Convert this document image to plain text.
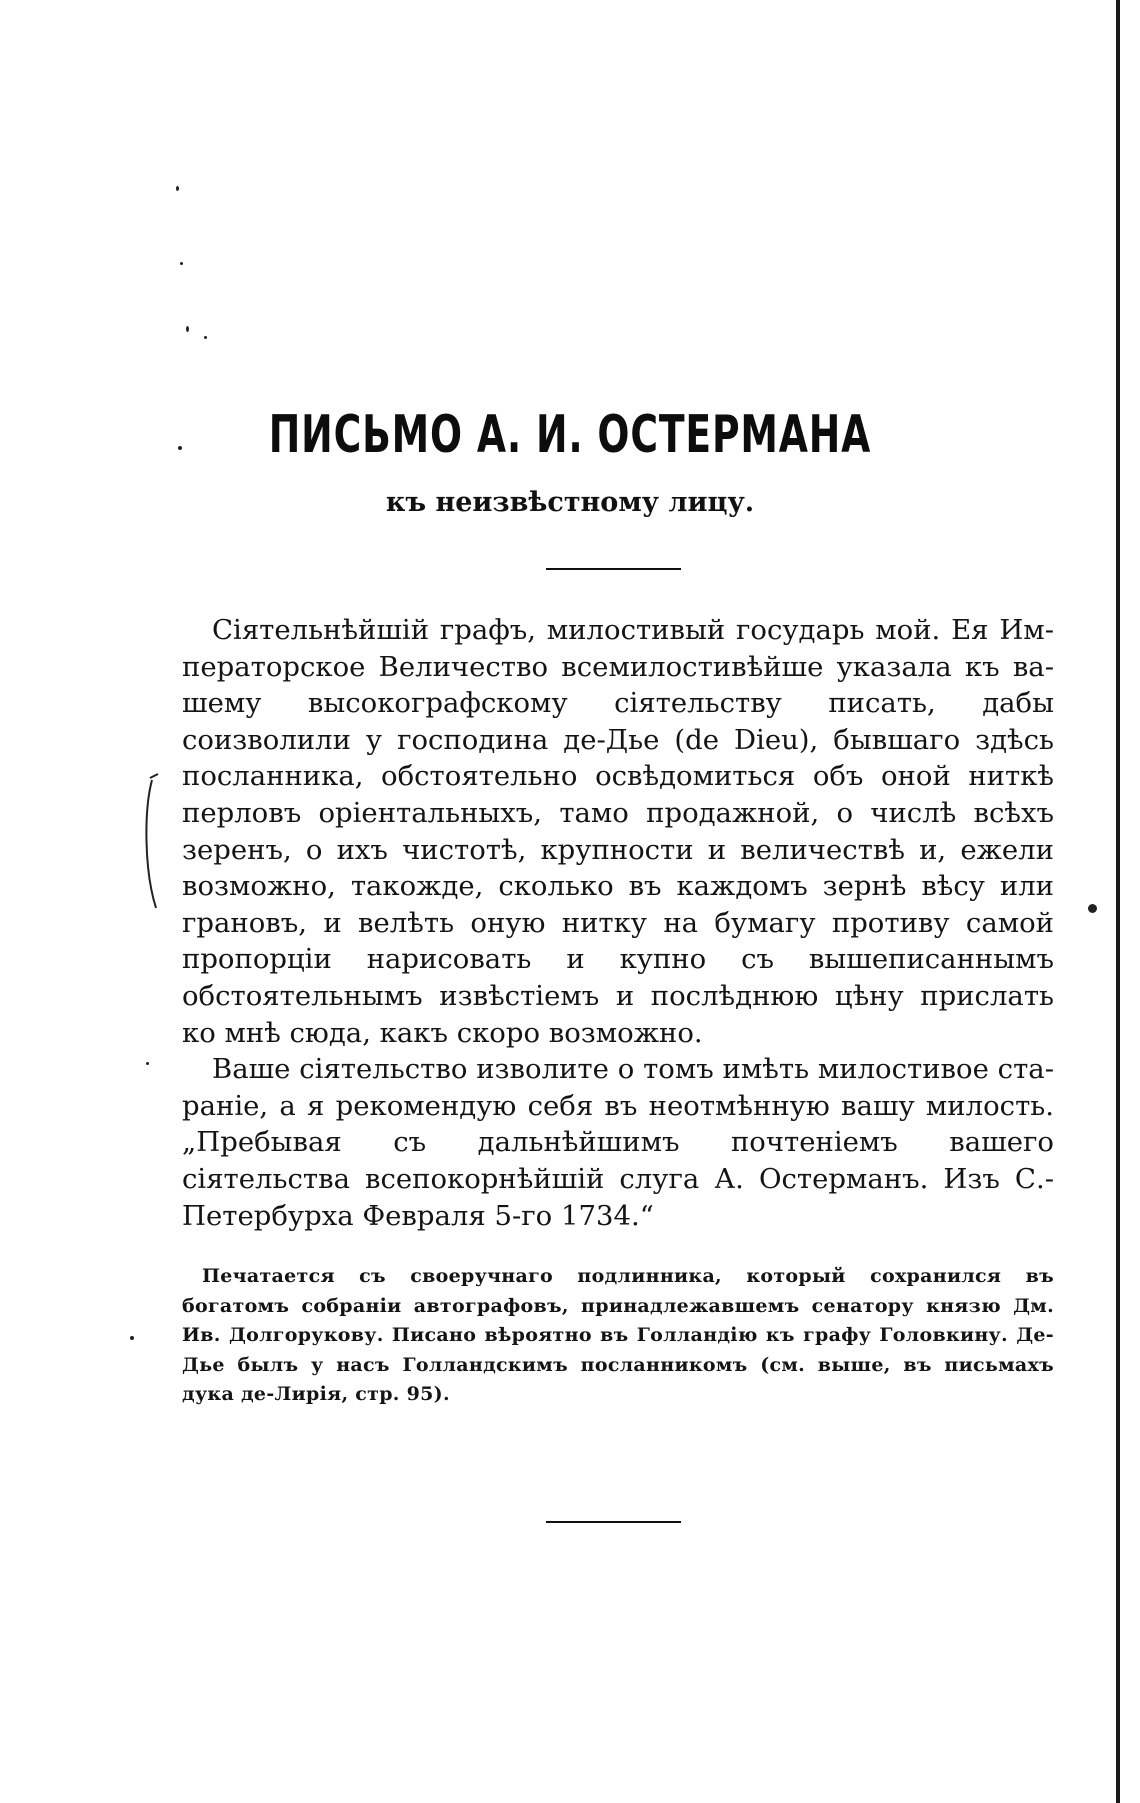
ПИСЬМО А. И. ОСТЕРМАНА
къ неизвѣстному лицу.

Сіятельнѣйшій графъ, милостивый государь мой. Ея Императорское Величество всемилостивѣйше указала къ вашему высокографскому сіятельству писать, дабы соизволили у господина де-Дье (de Dieu), бывшаго здѣсь посланника, обстоятельно освѣдомиться объ оной ниткѣ перловъ оріентальныхъ, тамо продажной, о числѣ всѣхъ зеренъ, о ихъ чистотѣ, крупности и величествѣ и, ежели возможно, такожде, сколько въ каждомъ зернѣ вѣсу или грановъ, и велѣть оную нитку на бумагу противу самой пропорціи нарисовать и купно съ вышеписаннымъ обстоятельнымъ извѣстіемъ и послѣднюю цѣну прислать ко мнѣ сюда, какъ скоро возможно.

Ваше сіятельство изволите о томъ имѣть милостивое стараніе, а я рекомендую себя въ неотмѣнную вашу милость. „Пребывая съ дальнѣйшимъ почтеніемъ вашего сіятельства всепокорнѣйшій слуга А. Остерманъ. Изъ С.-Петербурха Февраля 5-го 1734.“

Печатается съ своеручнаго подлинника, который сохранился въ богатомъ собраніи автографовъ, принадлежавшемъ сенатору князю Дм. Ив. Долгорукову. Писано вѣроятно въ Голландію къ графу Головкину. Де-Дье былъ у насъ Голландскимъ посланникомъ (см. выше, въ письмахъ дука де-Лирія, стр. 95).
